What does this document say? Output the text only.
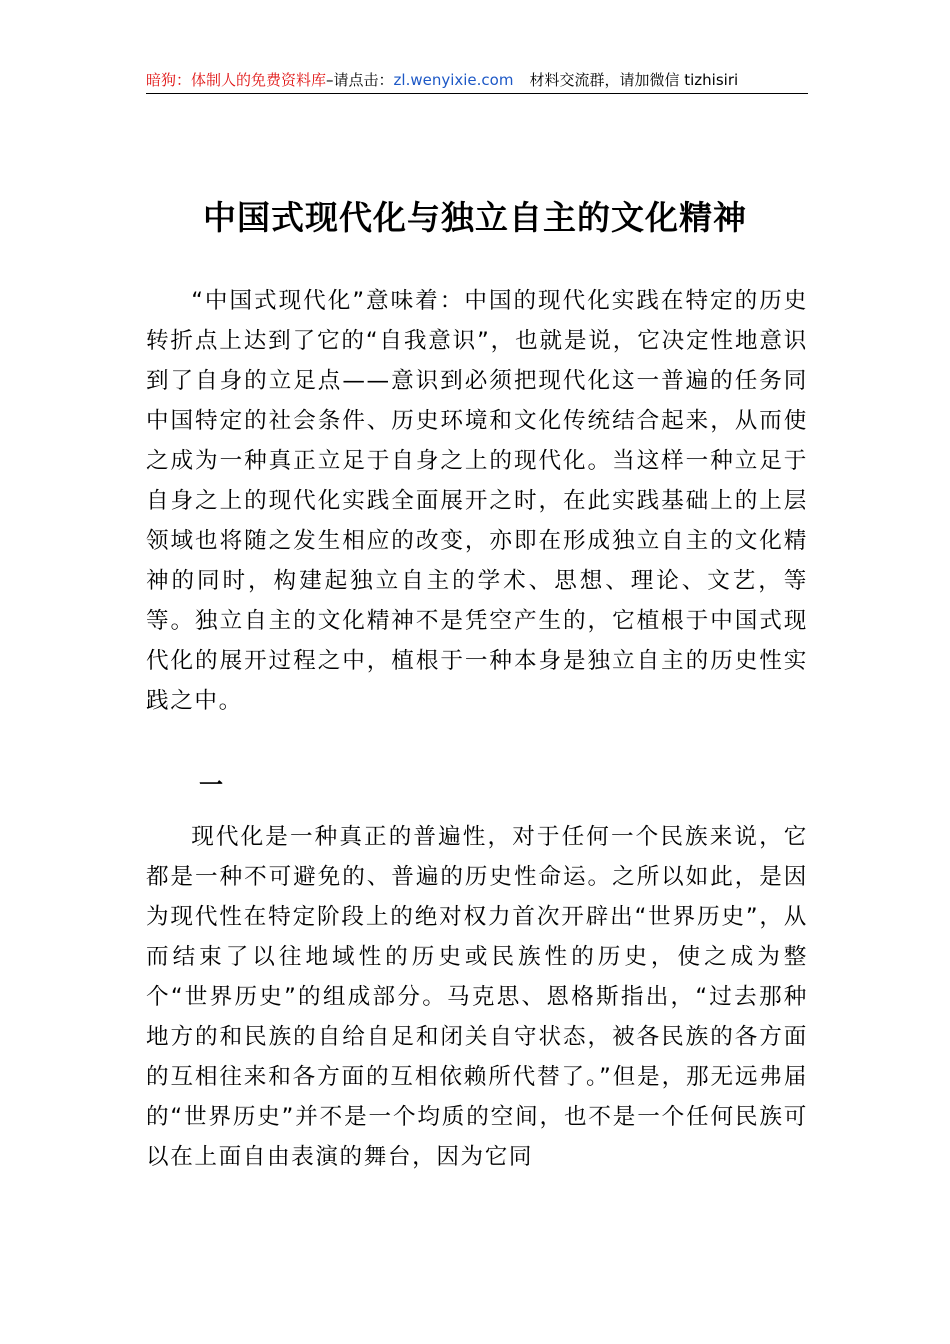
暗狗：体制人的免费资料库–请点击：zl.wenyixie.com 材料交流群，请加微信 tizhisiri
中国式现代化与独立自主的文化精神

“中国式现代化”意味着：中国的现代化实践在特定的历史转折点上达到了它的“自我意识”，也就是说，它决定性地意识到了自身的立足点——意识到必须把现代化这一普遍的任务同中国特定的社会条件、历史环境和文化传统结合起来，从而使之成为一种真正立足于自身之上的现代化。当这样一种立足于自身之上的现代化实践全面展开之时，在此实践基础上的上层领域也将随之发生相应的改变，亦即在形成独立自主的文化精神的同时，构建起独立自主的学术、思想、理论、文艺，等等。独立自主的文化精神不是凭空产生的，它植根于中国式现代化的展开过程之中，植根于一种本身是独立自主的历史性实践之中。

一

现代化是一种真正的普遍性，对于任何一个民族来说，它都是一种不可避免的、普遍的历史性命运。之所以如此，是因为现代性在特定阶段上的绝对权力首次开辟出“世界历史”，从而结束了以往地域性的历史或民族性的历史，使之成为整个“世界历史”的组成部分。马克思、恩格斯指出，“过去那种地方的和民族的自给自足和闭关自守状态，被各民族的各方面的互相往来和各方面的互相依赖所代替了。”但是，那无远弗届的“世界历史”并不是一个均质的空间，也不是一个任何民族可以在上面自由表演的舞台，因为它同
